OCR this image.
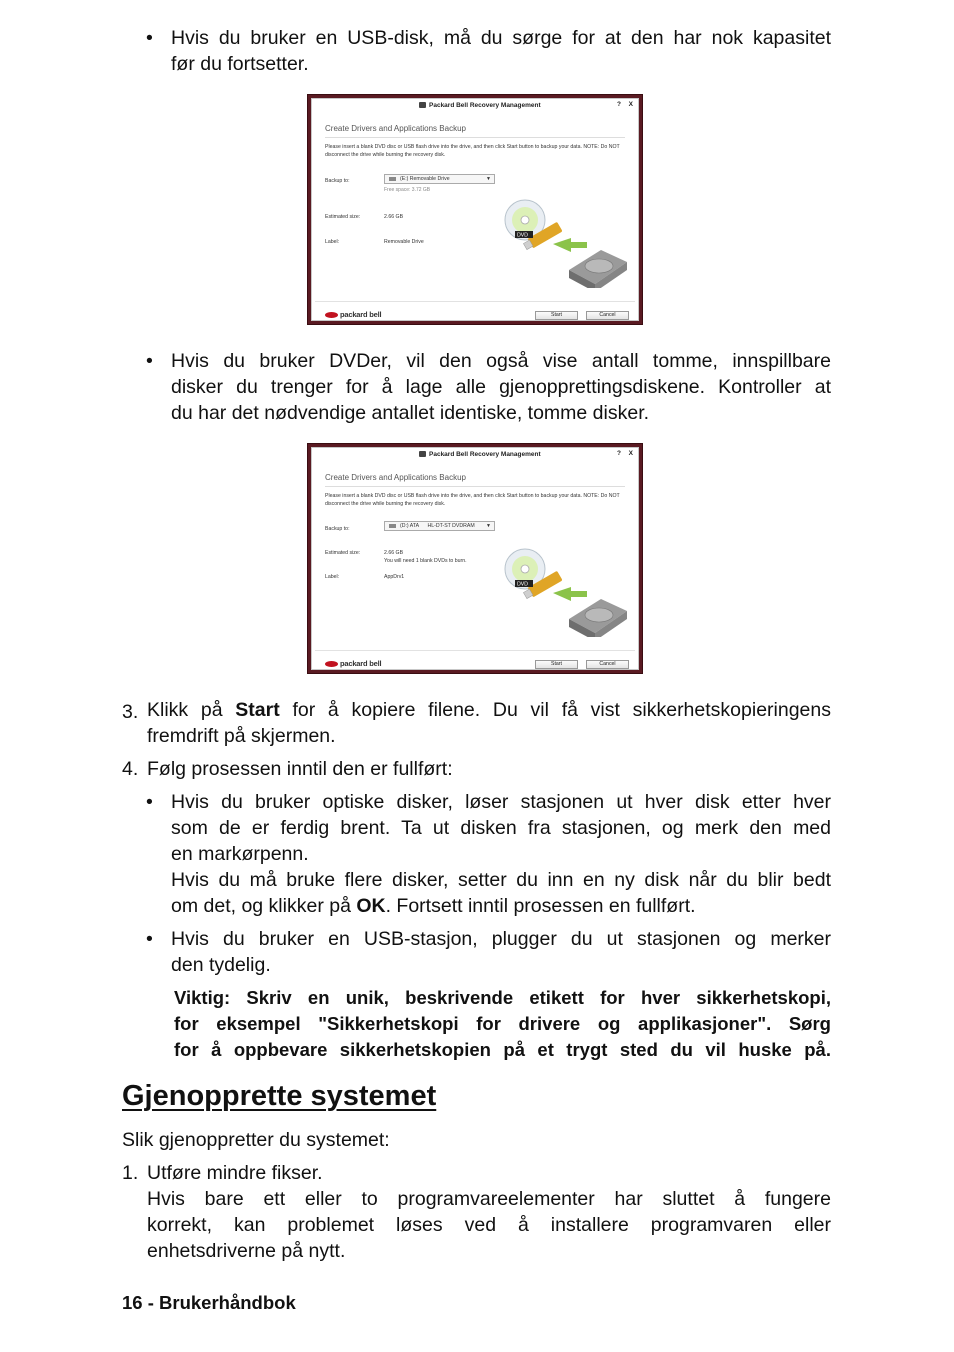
• Hvis du bruker en USB-disk, må du sørge for at den har nok kapasitet
før du fortsetter.
Packard Bell Recovery Management	? X
Create Drivers and Applications Backup
Please insert a blank DVD disc or USB flash drive into the drive, and then click Start button to backup your data. NOTE: Do NOT disconnect the drive while burning the recovery disk.
Backup to:	(E:) Removable Drive	▼
Free space: 3.72 GB
Estimated size:	2.66 GB
Label:	Removable Drive
DVD
packard bell	Start	Cancel
• Hvis du bruker DVDer, vil den også vise antall tomme, innspillbare
disker du trenger for å lage alle gjenopprettingsdiskene. Kontroller at
du har det nødvendige antallet identiske, tomme disker.
Packard Bell Recovery Management	? X
Create Drivers and Applications Backup
Please insert a blank DVD disc or USB flash drive into the drive, and then click Start button to backup your data. NOTE: Do NOT disconnect the drive while burning the recovery disk.
Backup to:	(D:) ATA      HL-DT-ST DVDRAM ▼
Estimated size:	2.66 GB
You will need 1 blank DVDs to burn.
Label:	AppDrv1
DVD
packard bell	Start	Cancel
3. Klikk på Start for å kopiere filene. Du vil få vist sikkerhetskopieringens
fremdrift på skjermen.
4. Følg prosessen inntil den er fullført:
• Hvis du bruker optiske disker, løser stasjonen ut hver disk etter hver
som de er ferdig brent. Ta ut disken fra stasjonen, og merk den med
en markørpenn.
Hvis du må bruke flere disker, setter du inn en ny disk når du blir bedt
om det, og klikker på OK. Fortsett inntil prosessen en fullført.
• Hvis du bruker en USB-stasjon, plugger du ut stasjonen og merker
den tydelig.
Viktig: Skriv en unik, beskrivende etikett for hver sikkerhetskopi,
for eksempel "Sikkerhetskopi for drivere og applikasjoner". Sørg
for å oppbevare sikkerhetskopien på et trygt sted du vil huske på.
Gjenopprette systemet
Slik gjenoppretter du systemet:
1. Utføre mindre fikser.
Hvis bare ett eller to programvareelementer har sluttet å fungere
korrekt, kan problemet løses ved å installere programvaren eller
enhetsdriverne på nytt.
16 - Brukerhåndbok
